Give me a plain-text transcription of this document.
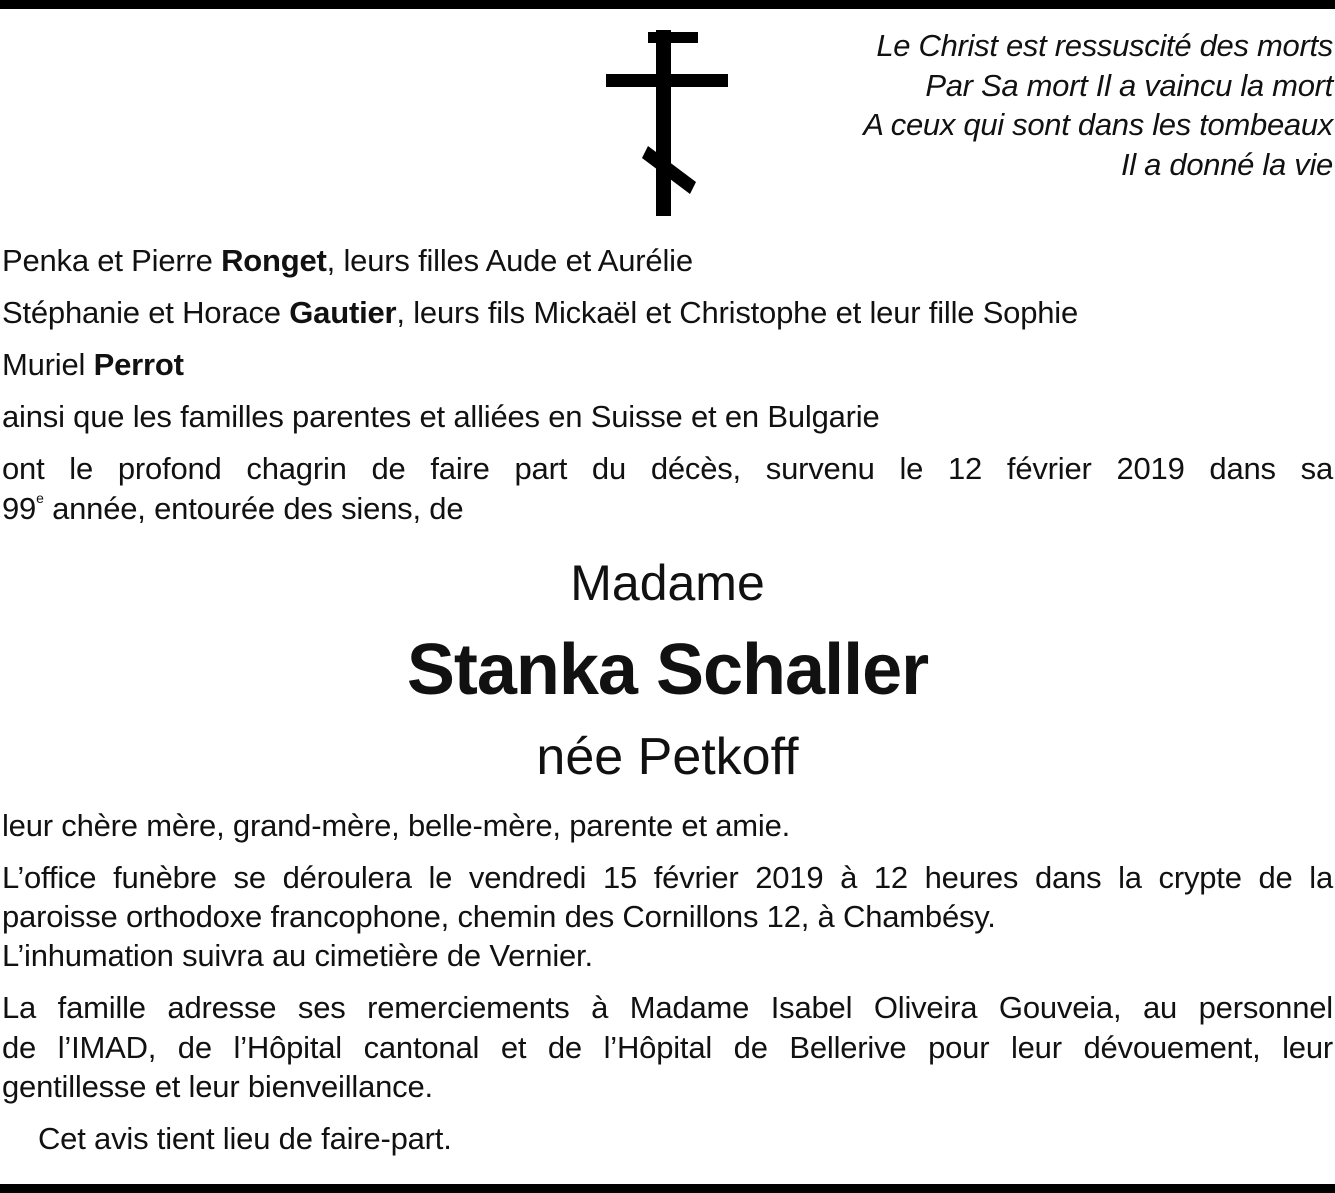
Le Christ est ressuscité des morts
Par Sa mort Il a vaincu la mort
A ceux qui sont dans les tombeaux
Il a donné la vie
Penka et Pierre Ronget, leurs filles Aude et Aurélie
Stéphanie et Horace Gautier, leurs fils Mickaël et Christophe et leur fille Sophie
Muriel Perrot
ainsi que les familles parentes et alliées en Suisse et en Bulgarie
ont le profond chagrin de faire part du décès, survenu le 12 février 2019 dans sa
99e année, entourée des siens, de
Madame
Stanka Schaller
née Petkoff
leur chère mère, grand-mère, belle-mère, parente et amie.
L’office funèbre se déroulera le vendredi 15 février 2019 à 12 heures dans la crypte de la
paroisse orthodoxe francophone, chemin des Cornillons 12, à Chambésy.
L’inhumation suivra au cimetière de Vernier.
La famille adresse ses remerciements à Madame Isabel Oliveira Gouveia, au personnel
de l’IMAD, de l’Hôpital cantonal et de l’Hôpital de Bellerive pour leur dévouement, leur
gentillesse et leur bienveillance.
Cet avis tient lieu de faire-part.
